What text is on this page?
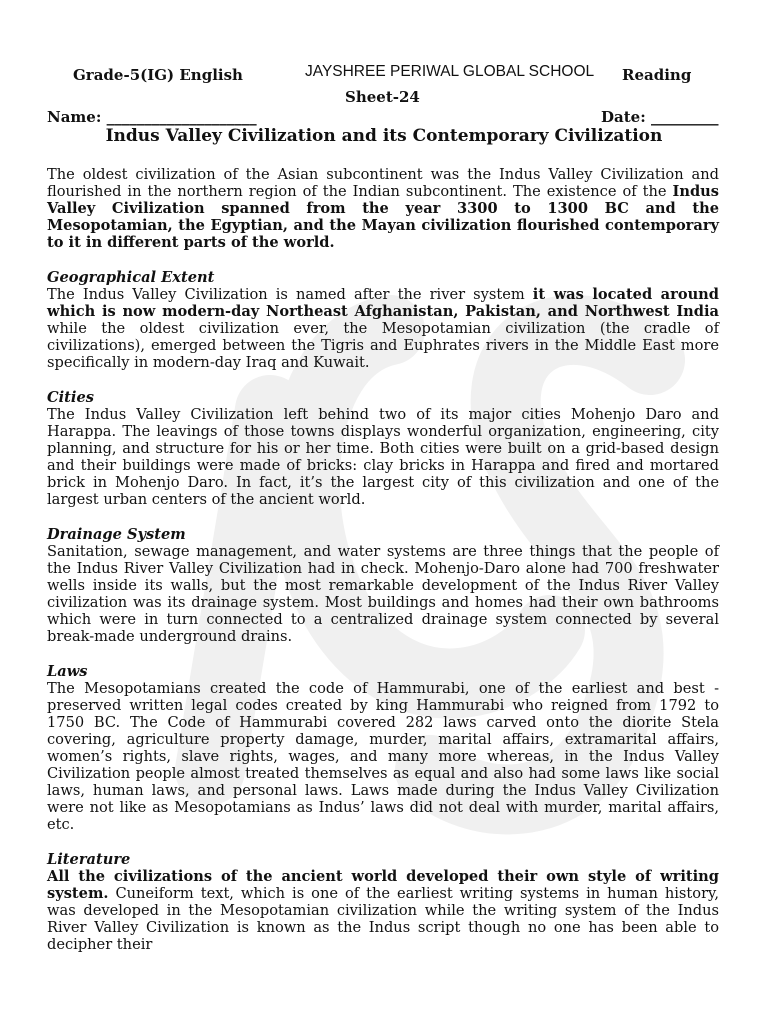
Grade-5(IG) English	JAYSHREE PERIWAL GLOBAL SCHOOL Reading
Sheet-24
Name: ____________________	Date: _________
Indus Valley Civilization and its Contemporary Civilization

The oldest civilization of the Asian subcontinent was the Indus Valley Civilization and flourished in the northern region of the Indian subcontinent. The existence of the Indus Valley Civilization spanned from the year 3300 to 1300 BC and the Mesopotamian, the Egyptian, and the Mayan civilization flourished contemporary to it in different parts of the world.

Geographical Extent

The Indus Valley Civilization is named after the river system it was located around which is now modern-day Northeast Afghanistan, Pakistan, and Northwest India while the oldest civilization ever, the Mesopotamian civilization (the cradle of civilizations), emerged between the Tigris and Euphrates rivers in the Middle East more specifically in modern-day Iraq and Kuwait.

Cities

The Indus Valley Civilization left behind two of its major cities Mohenjo Daro and Harappa. The leavings of those towns displays wonderful organization, engineering, city planning, and structure for his or her time. Both cities were built on a grid-based design and their buildings were made of bricks: clay bricks in Harappa and fired and mortared brick in Mohenjo Daro. In fact, it’s the largest city of this civilization and one of the largest urban centers of the ancient world.

Drainage System

Sanitation, sewage management, and water systems are three things that the people of the Indus River Valley Civilization had in check. Mohenjo-Daro alone had 700 freshwater wells inside its walls, but the most remarkable development of the Indus River Valley civilization was its drainage system. Most buildings and homes had their own bathrooms which were in turn connected to a centralized drainage system connected by several break-made underground drains.

Laws

The Mesopotamians created the code of Hammurabi, one of the earliest and best - preserved written legal codes created by king Hammurabi who reigned from 1792 to 1750 BC. The Code of Hammurabi covered 282 laws carved onto the diorite Stela covering, agriculture property damage, murder, marital affairs, extramarital affairs, women’s rights, slave rights, wages, and many more whereas, in the Indus Valley Civilization people almost treated themselves as equal and also had some laws like social laws, human laws, and personal laws. Laws made during the Indus Valley Civilization were not like as Mesopotamians as Indus’ laws did not deal with murder, marital affairs, etc.

Literature

All the civilizations of the ancient world developed their own style of writing system. Cuneiform text, which is one of the earliest writing systems in human history, was developed in the Mesopotamian civilization while the writing system of the Indus River Valley Civilization is known as the Indus script though no one has been able to decipher their
